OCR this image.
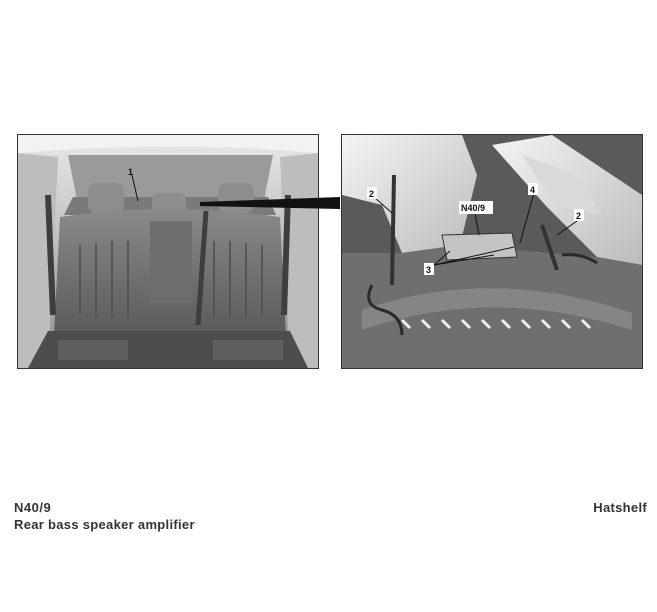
1
2
2
3
4
N40/9
N40/9
Rear bass speaker amplifier
Hatshelf
